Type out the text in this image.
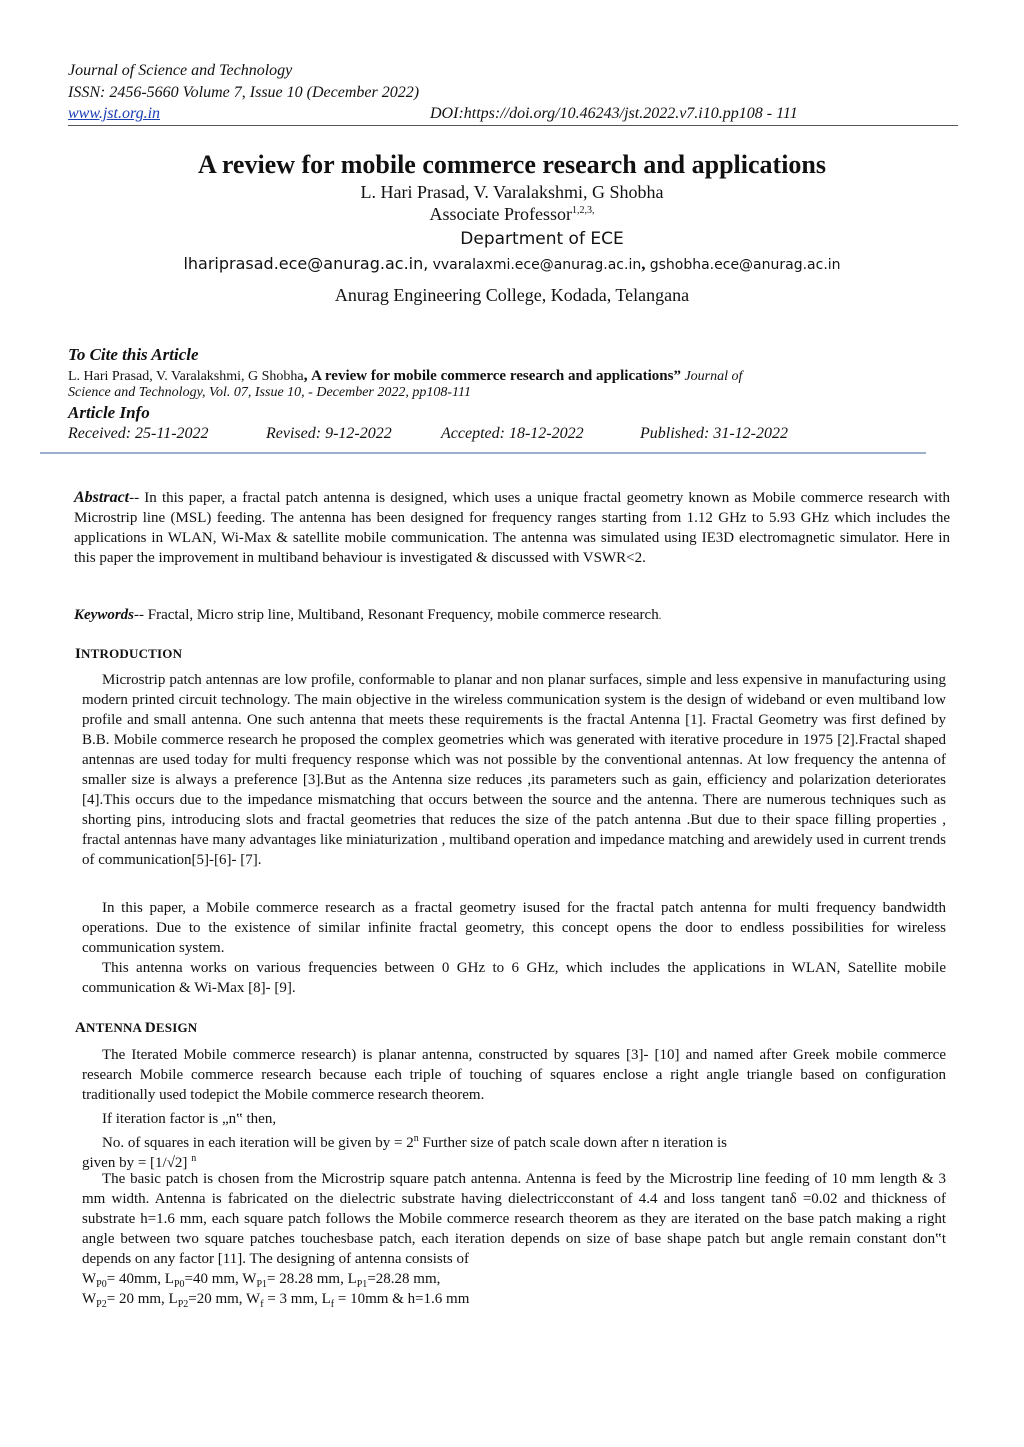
Journal of Science and Technology
ISSN: 2456-5660 Volume 7, Issue 10 (December 2022)
www.jst.org.in	DOI:https://doi.org/10.46243/jst.2022.v7.i10.pp108 - 111
A review for mobile commerce research and applications
L. Hari Prasad, V. Varalakshmi, G Shobha
Associate Professor$^{1,2,3,}$
Department of ECE
lhariprasad.ece@anurag.ac.in, vvaralaxmi.ece@anurag.ac.in, gshobha.ece@anurag.ac.in
Anurag Engineering College, Kodada, Telangana
To Cite this Article
L. Hari Prasad, V. Varalakshmi, G Shobha, A review for mobile commerce research and applications” Journal of
Science and Technology, Vol. 07, Issue 10, - December 2022, pp108-111
Article Info
Received: 25-11-2022	Revised: 9-12-2022	Accepted: 18-12-2022	Published: 31-12-2022
Abstract-- In this paper, a fractal patch antenna is designed, which uses a unique fractal geometry known as Mobile commerce research with Microstrip line (MSL) feeding. The antenna has been designed for frequency ranges starting from 1.12 GHz to 5.93 GHz which includes the applications in WLAN, Wi-Max & satellite mobile communication. The antenna was simulated using IE3D electromagnetic simulator. Here in this paper the improvement in multiband behaviour is investigated & discussed with VSWR<2.
Keywords-- Fractal, Micro strip line, Multiband, Resonant Frequency, mobile commerce research.
INTRODUCTION
Microstrip patch antennas are low profile, conformable to planar and non planar surfaces, simple and less expensive in manufacturing using modern printed circuit technology. The main objective in the wireless communication system is the design of wideband or even multiband low profile and small antenna. One such antenna that meets these requirements is the fractal Antenna [1]. Fractal Geometry was first defined by B.B. Mobile commerce research he proposed the complex geometries which was generated with iterative procedure in 1975 [2].Fractal shaped antennas are used today for multi frequency response which was not possible by the conventional antennas. At low frequency the antenna of smaller size is always a preference [3].But as the Antenna size reduces ,its parameters such as gain, efficiency and polarization deteriorates [4].This occurs due to the impedance mismatching that occurs between the source and the antenna. There are numerous techniques such as shorting pins, introducing slots and fractal geometries that reduces the size of the patch antenna .But due to their space filling properties , fractal antennas have many advantages like miniaturization , multiband operation and impedance matching and arewidely used in current trends of communication[5]-[6]- [7].
In this paper, a Mobile commerce research as a fractal geometry isused for the fractal patch antenna for multi frequency bandwidth operations. Due to the existence of similar infinite fractal geometry, this concept opens the door to endless possibilities for wireless communication system.
This antenna works on various frequencies between 0 GHz to 6 GHz, which includes the applications in WLAN, Satellite mobile communication & Wi-Max [8]- [9].
ANTENNA DESIGN
The Iterated Mobile commerce research) is planar antenna, constructed by squares [3]- [10] and named after Greek mobile commerce research Mobile commerce research because each triple of touching of squares enclose a right angle triangle based on configuration traditionally used todepict the Mobile commerce research theorem.
If iteration factor is „n‟ then,
No. of squares in each iteration will be given by = $2^n$ Further size of patch scale down after n iteration is
given by = [1/√2] $^n$
The basic patch is chosen from the Microstrip square patch antenna. Antenna is feed by the Microstrip line feeding of 10 mm length & 3 mm width. Antenna is fabricated on the dielectric substrate having dielectricconstant of 4.4 and loss tangent tanδ =0.02 and thickness of substrate h=1.6 mm, each square patch follows the Mobile commerce research theorem as they are iterated on the base patch making a right angle between two square patches touchesbase patch, each iteration depends on size of base shape patch but angle remain constant don‟t depends on any factor [11]. The designing of antenna consists of
$W_{P0}= 40mm$, $L_{P0}=40$ mm, $W_{P1}= 28.28$ mm, $L_{P1}=28.28$ mm,
$W_{P2}= 20$ mm, $L_{P2}=20$ mm, $W_f = 3$ mm, $L_f = 10mm$ & h=1.6 mm
